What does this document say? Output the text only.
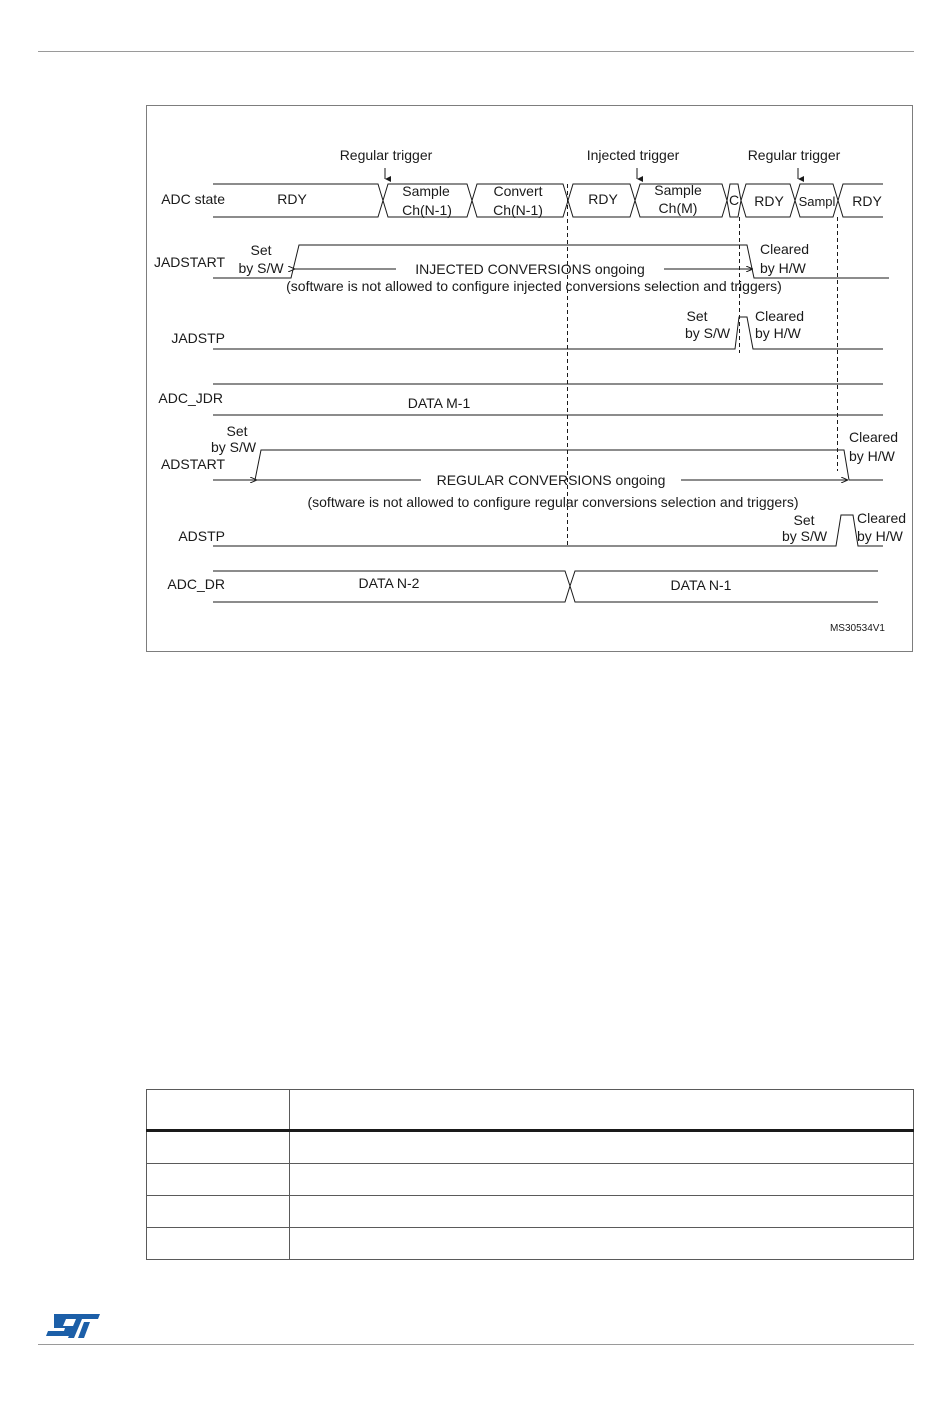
Regular trigger	Injected trigger	Regular trigger
ADC state
JADSTART
JADSTP
ADC_JDR
ADSTART
ADSTP
ADC_DR
RDY	Sample
Ch(N-1)
Convert
Ch(N-1)
RDY
Sample
Ch(M) C RDY Sampl RDY
Set
by S/W
Cleared
by H/W
INJECTED CONVERSIONS ongoing
(software is not allowed to configure injected conversions selection and triggers)
Set
by S/W
Cleared
by H/W
DATA M-1
Set
by S/W
Cleared
by H/W
REGULAR CONVERSIONS ongoing
(software is not allowed to configure regular conversions selection and triggers)
Set
by S/W
Cleared
by H/W
DATA N-2	DATA N-1
MS30534V1
